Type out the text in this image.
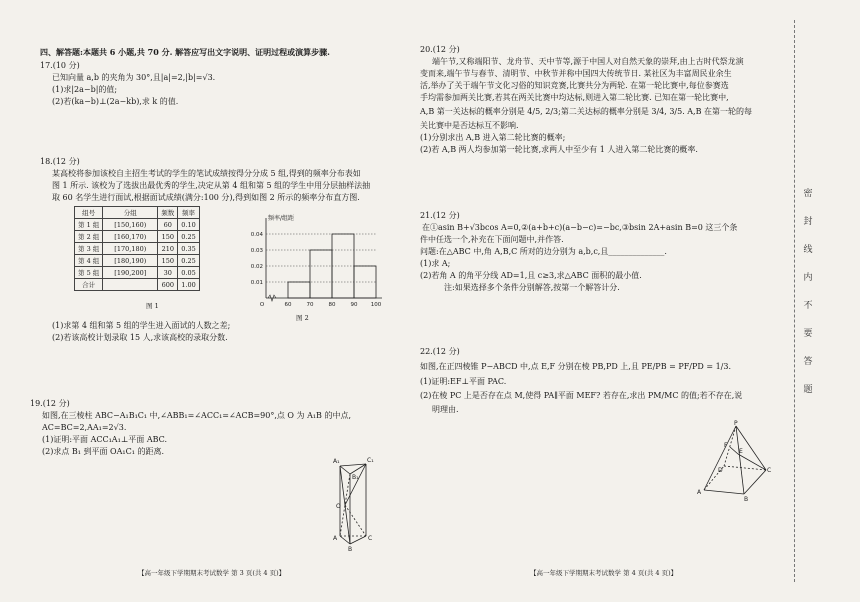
四、解答题:本题共 6 小题,共 70 分. 解答应写出文字说明、证明过程或演算步骤.

17.(10 分)

已知向量 a,b 的夹角为 30°,且|a|=2,|b|=√3.

(1)求|2a−b|的值;

(2)若(ka−b)⊥(2a−kb),求 k 的值.

18.(12 分)

某高校将参加该校自主招生考试的学生的笔试成绩按得分分成 5 组,得到的频率分布表如

图 1 所示. 该校为了选拔出最优秀的学生,决定从第 4 组和第 5 组的学生中用分层抽样法抽

取 60 名学生进行面试,根据面试成绩(满分:100 分),得到如图 2 所示的频率分布直方图.

组号	分组	频数	频率
第 1 组	[150,160)	60	0.10
第 2 组	[160,170)	150	0.25
第 3 组	[170,180)	210	0.35
第 4 组	[180,190)	150	0.25
第 5 组	[190,200]	30	0.05
合计		600	1.00
图 1
频率/组距
0.01
0.02
0.03
0.04
60	70	80	90 100
O
图 2

(1)求第 4 组和第 5 组的学生进入面试的人数之差;

(2)若该高校计划录取 15 人,求该高校的录取分数.

19.(12 分)

如图,在三棱柱 ABC−A₁B₁C₁ 中,∠ABB₁=∠ACC₁=∠ACB=90°,点 O 为 A₁B 的中点,

AC=BC=2,AA₁=2√3.

(1)证明:平面 ACC₁A₁⊥平面 ABC.

(2)求点 B₁ 到平面 OA₁C₁ 的距离.

A₁	C₁
B₁
O
A	C
B
【高一年级下学期期末考试数学 第 3 页(共 4 页)】

20.(12 分)

端午节,又称端阳节、龙舟节、天中节等,源于中国人对自然天象的崇拜,由上古时代祭龙演

变而来,端午节与春节、清明节、中秋节并称中国四大传统节日. 某社区为丰富周民业余生

活,举办了关于端午节文化习俗的知识竞赛,比赛共分为两轮. 在第一轮比赛中,每位参赛选

手均需参加两关比赛,若其在两关比赛中均达标,则进入第二轮比赛. 已知在第一轮比赛中,

A,B 第一关达标的概率分别是 4/5, 2/3;第二关达标的概率分别是 3/4, 3/5. A,B 在第一轮的每

关比赛中是否达标互不影响.

(1)分别求出 A,B 进入第二轮比赛的概率;

(2)若 A,B 两人均参加第一轮比赛,求两人中至少有 1 人进入第二轮比赛的概率.

21.(12 分)

在①asin B+√3bcos A=0,②(a+b+c)(a−b−c)=−bc,③bsin 2A+asin B=0 这三个条

件中任选一个,补充在下面问题中,并作答.

问题:在△ABC 中,角 A,B,C 所对的边分别为 a,b,c,且______________.

(1)求 A;

(2)若角 A 的角平分线 AD=1,且 c≥3,求△ABC 面积的最小值.

注:如果选择多个条件分别解答,按第一个解答计分.

22.(12 分)

如图,在正四棱锥 P−ABCD 中,点 E,F 分别在棱 PB,PD 上,且 PE/PB = PF/PD = 1/3.

(1)证明:EF⊥平面 PAC.

(2)在棱 PC 上是否存在点 M,使得 PA∥平面 MEF? 若存在,求出 PM/MC 的值;若不存在,说

明理由.

P
E
F
D	C
A
B
【高一年级下学期期末考试数学 第 4 页(共 4 页)】
密
封
线
内
不
要
答
题
